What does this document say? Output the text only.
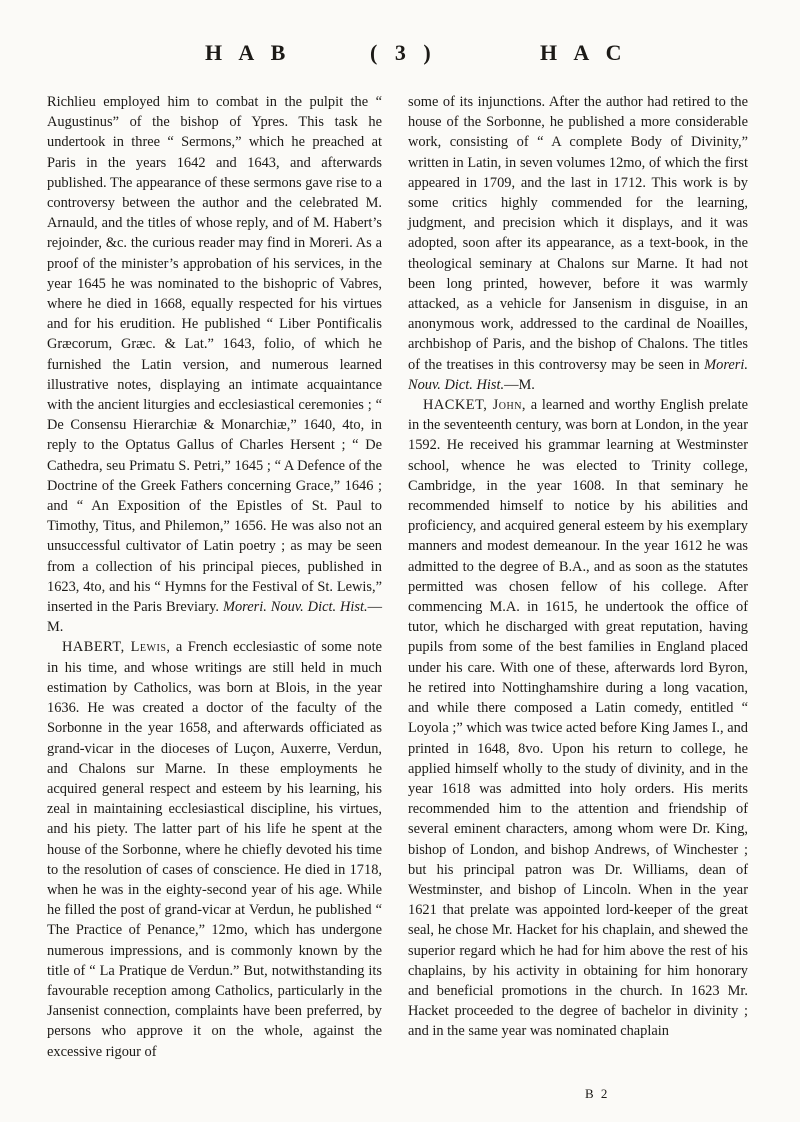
H A B	( 3 )	H A C

Richlieu employed him to combat in the pulpit the “ Augustinus” of the bishop of Ypres. This task he undertook in three “ Sermons,” which he preached at Paris in the years 1642 and 1643, and afterwards published. The appearance of these sermons gave rise to a controversy between the author and the celebrated M. Arnauld, and the titles of whose reply, and of M. Habert’s rejoinder, &c. the curious reader may find in Moreri. As a proof of the minister’s approbation of his services, in the year 1645 he was nominated to the bishopric of Vabres, where he died in 1668, equally respected for his virtues and for his erudition. He published “ Liber Pontificalis Græcorum, Græc. & Lat.” 1643, folio, of which he furnished the Latin version, and numerous learned illustrative notes, displaying an intimate acquaintance with the ancient liturgies and ecclesiastical ceremonies ; “ De Consensu Hierarchiæ & Monarchiæ,” 1640, 4to, in reply to the Optatus Gallus of Charles Hersent ; “ De Cathedra, seu Primatu S. Petri,” 1645 ; “ A Defence of the Doctrine of the Greek Fathers concerning Grace,” 1646 ; and “ An Exposition of the Epistles of St. Paul to Timothy, Titus, and Philemon,” 1656. He was also not an unsuccessful cultivator of Latin poetry ; as may be seen from a collection of his principal pieces, published in 1623, 4to, and his “ Hymns for the Festival of St. Lewis,” inserted in the Paris Breviary. Moreri. Nouv. Dict. Hist.—M.

HABERT, Lewis, a French ecclesiastic of some note in his time, and whose writings are still held in much estimation by Catholics, was born at Blois, in the year 1636. He was created a doctor of the faculty of the Sorbonne in the year 1658, and afterwards officiated as grand-vicar in the dioceses of Luçon, Auxerre, Verdun, and Chalons sur Marne. In these employments he acquired general respect and esteem by his learning, his zeal in maintaining ecclesiastical discipline, his virtues, and his piety. The latter part of his life he spent at the house of the Sorbonne, where he chiefly devoted his time to the resolution of cases of conscience. He died in 1718, when he was in the eighty-second year of his age. While he filled the post of grand-vicar at Verdun, he published “ The Practice of Penance,” 12mo, which has undergone numerous impressions, and is commonly known by the title of “ La Pratique de Verdun.” But, notwithstanding its favourable reception among Catholics, particularly in the Jansenist connection, complaints have been preferred, by persons who approve it on the whole, against the excessive rigour of

some of its injunctions. After the author had retired to the house of the Sorbonne, he published a more considerable work, consisting of “ A complete Body of Divinity,” written in Latin, in seven volumes 12mo, of which the first appeared in 1709, and the last in 1712. This work is by some critics highly commended for the learning, judgment, and precision which it displays, and it was adopted, soon after its appearance, as a text-book, in the theological seminary at Chalons sur Marne. It had not been long printed, however, before it was warmly attacked, as a vehicle for Jansenism in disguise, in an anonymous work, addressed to the cardinal de Noailles, archbishop of Paris, and the bishop of Chalons. The titles of the treatises in this controversy may be seen in Moreri. Nouv. Dict. Hist.—M.

HACKET, John, a learned and worthy English prelate in the seventeenth century, was born at London, in the year 1592. He received his grammar learning at Westminster school, whence he was elected to Trinity college, Cambridge, in the year 1608. In that seminary he recommended himself to notice by his abilities and proficiency, and acquired general esteem by his exemplary manners and modest demeanour. In the year 1612 he was admitted to the degree of B.A., and as soon as the statutes permitted was chosen fellow of his college. After commencing M.A. in 1615, he undertook the office of tutor, which he discharged with great reputation, having pupils from some of the best families in England placed under his care. With one of these, afterwards lord Byron, he retired into Nottinghamshire during a long vacation, and while there composed a Latin comedy, entitled “ Loyola ;” which was twice acted before King James I., and printed in 1648, 8vo. Upon his return to college, he applied himself wholly to the study of divinity, and in the year 1618 was admitted into holy orders. His merits recommended him to the attention and friendship of several eminent characters, among whom were Dr. King, bishop of London, and bishop Andrews, of Winchester ; but his principal patron was Dr. Williams, dean of Westminster, and bishop of Lincoln. When in the year 1621 that prelate was appointed lord-keeper of the great seal, he chose Mr. Hacket for his chaplain, and shewed the superior regard which he had for him above the rest of his chaplains, by his activity in obtaining for him honorary and beneficial promotions in the church. In 1623 Mr. Hacket proceeded to the degree of bachelor in divinity ; and in the same year was nominated chaplain

B 2
